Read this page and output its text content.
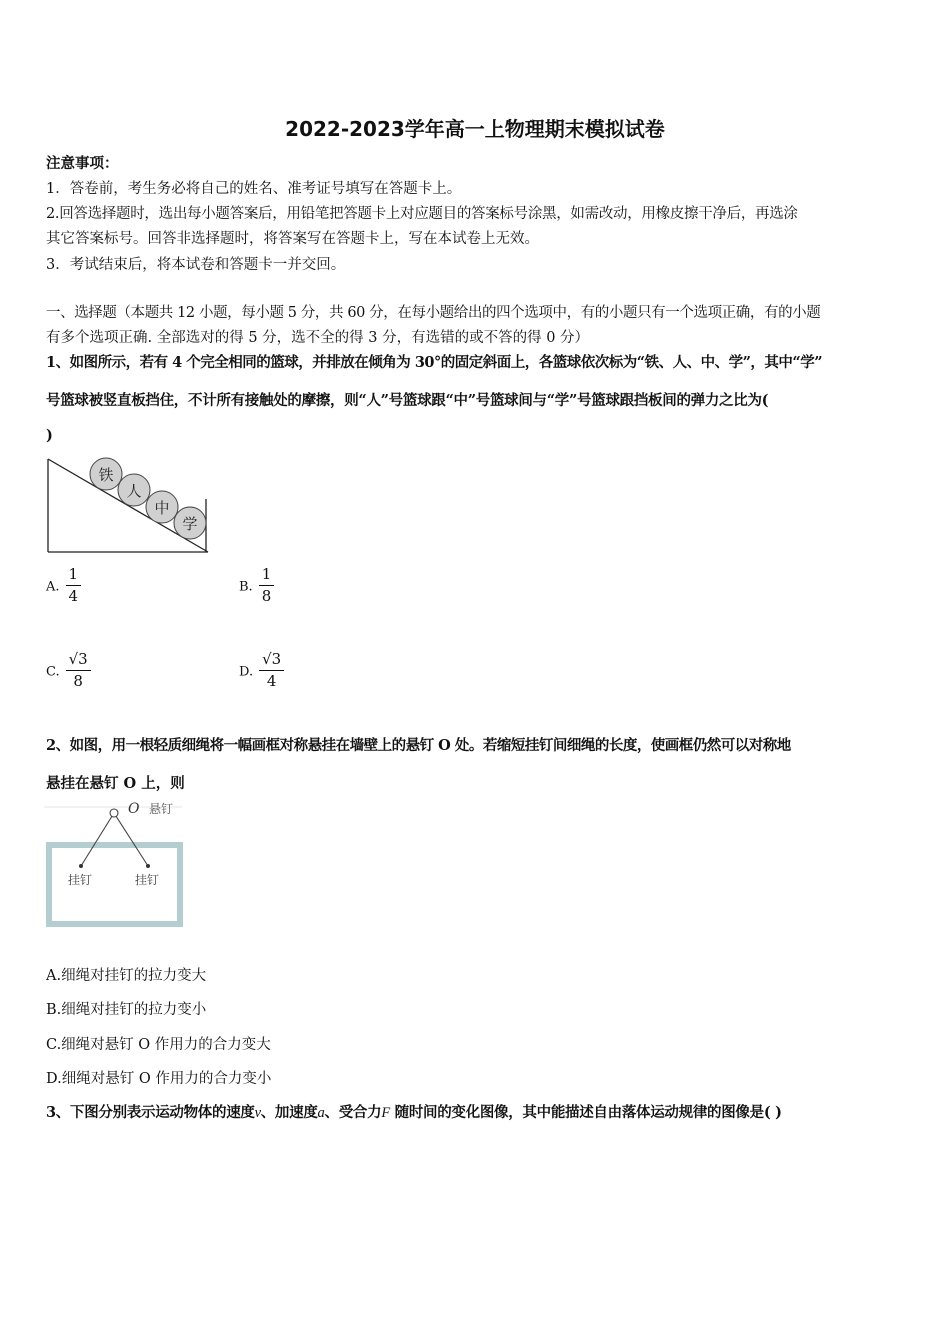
2022-2023学年高一上物理期末模拟试卷
注意事项：
1．答卷前，考生务必将自己的姓名、准考证号填写在答题卡上。
2.回答选择题时，选出每小题答案后，用铅笔把答题卡上对应题目的答案标号涂黑，如需改动，用橡皮擦干净后，再选涂
其它答案标号。回答非选择题时，将答案写在答题卡上，写在本试卷上无效。
3．考试结束后，将本试卷和答题卡一并交回。
一、选择题（本题共 12 小题，每小题 5 分，共 60 分，在每小题给出的四个选项中，有的小题只有一个选项正确，有的小题
有多个选项正确. 全部选对的得 5 分，选不全的得 3 分，有选错的或不答的得 0 分）
1、如图所示，若有 4 个完全相同的篮球，并排放在倾角为 30°的固定斜面上，各篮球依次标为“铁、人、中、学”，其中“学”
号篮球被竖直板挡住，不计所有接触处的摩擦，则“人”号篮球跟“中”号篮球间与“学”号篮球跟挡板间的弹力之比为(
)
铁
人
中
学
A. $\frac{1}{4}$	B. $\frac{1}{8}$
C. $\frac{√3}{8}$	D. $\frac{√3}{4}$
2、如图，用一根轻质细绳将一幅画框对称悬挂在墙壁上的悬钉 O 处。若缩短挂钉间细绳的长度，使画框仍然可以对称地
悬挂在悬钉 O 上，则
O 悬钉
挂钉	挂钉
A.细绳对挂钉的拉力变大
B.细绳对挂钉的拉力变小
C.细绳对悬钉 O 作用力的合力变大
D.细绳对悬钉 O 作用力的合力变小
3、下图分别表示运动物体的速度v、加速度a、受合力F 随时间的变化图像，其中能描述自由落体运动规律的图像是( )
